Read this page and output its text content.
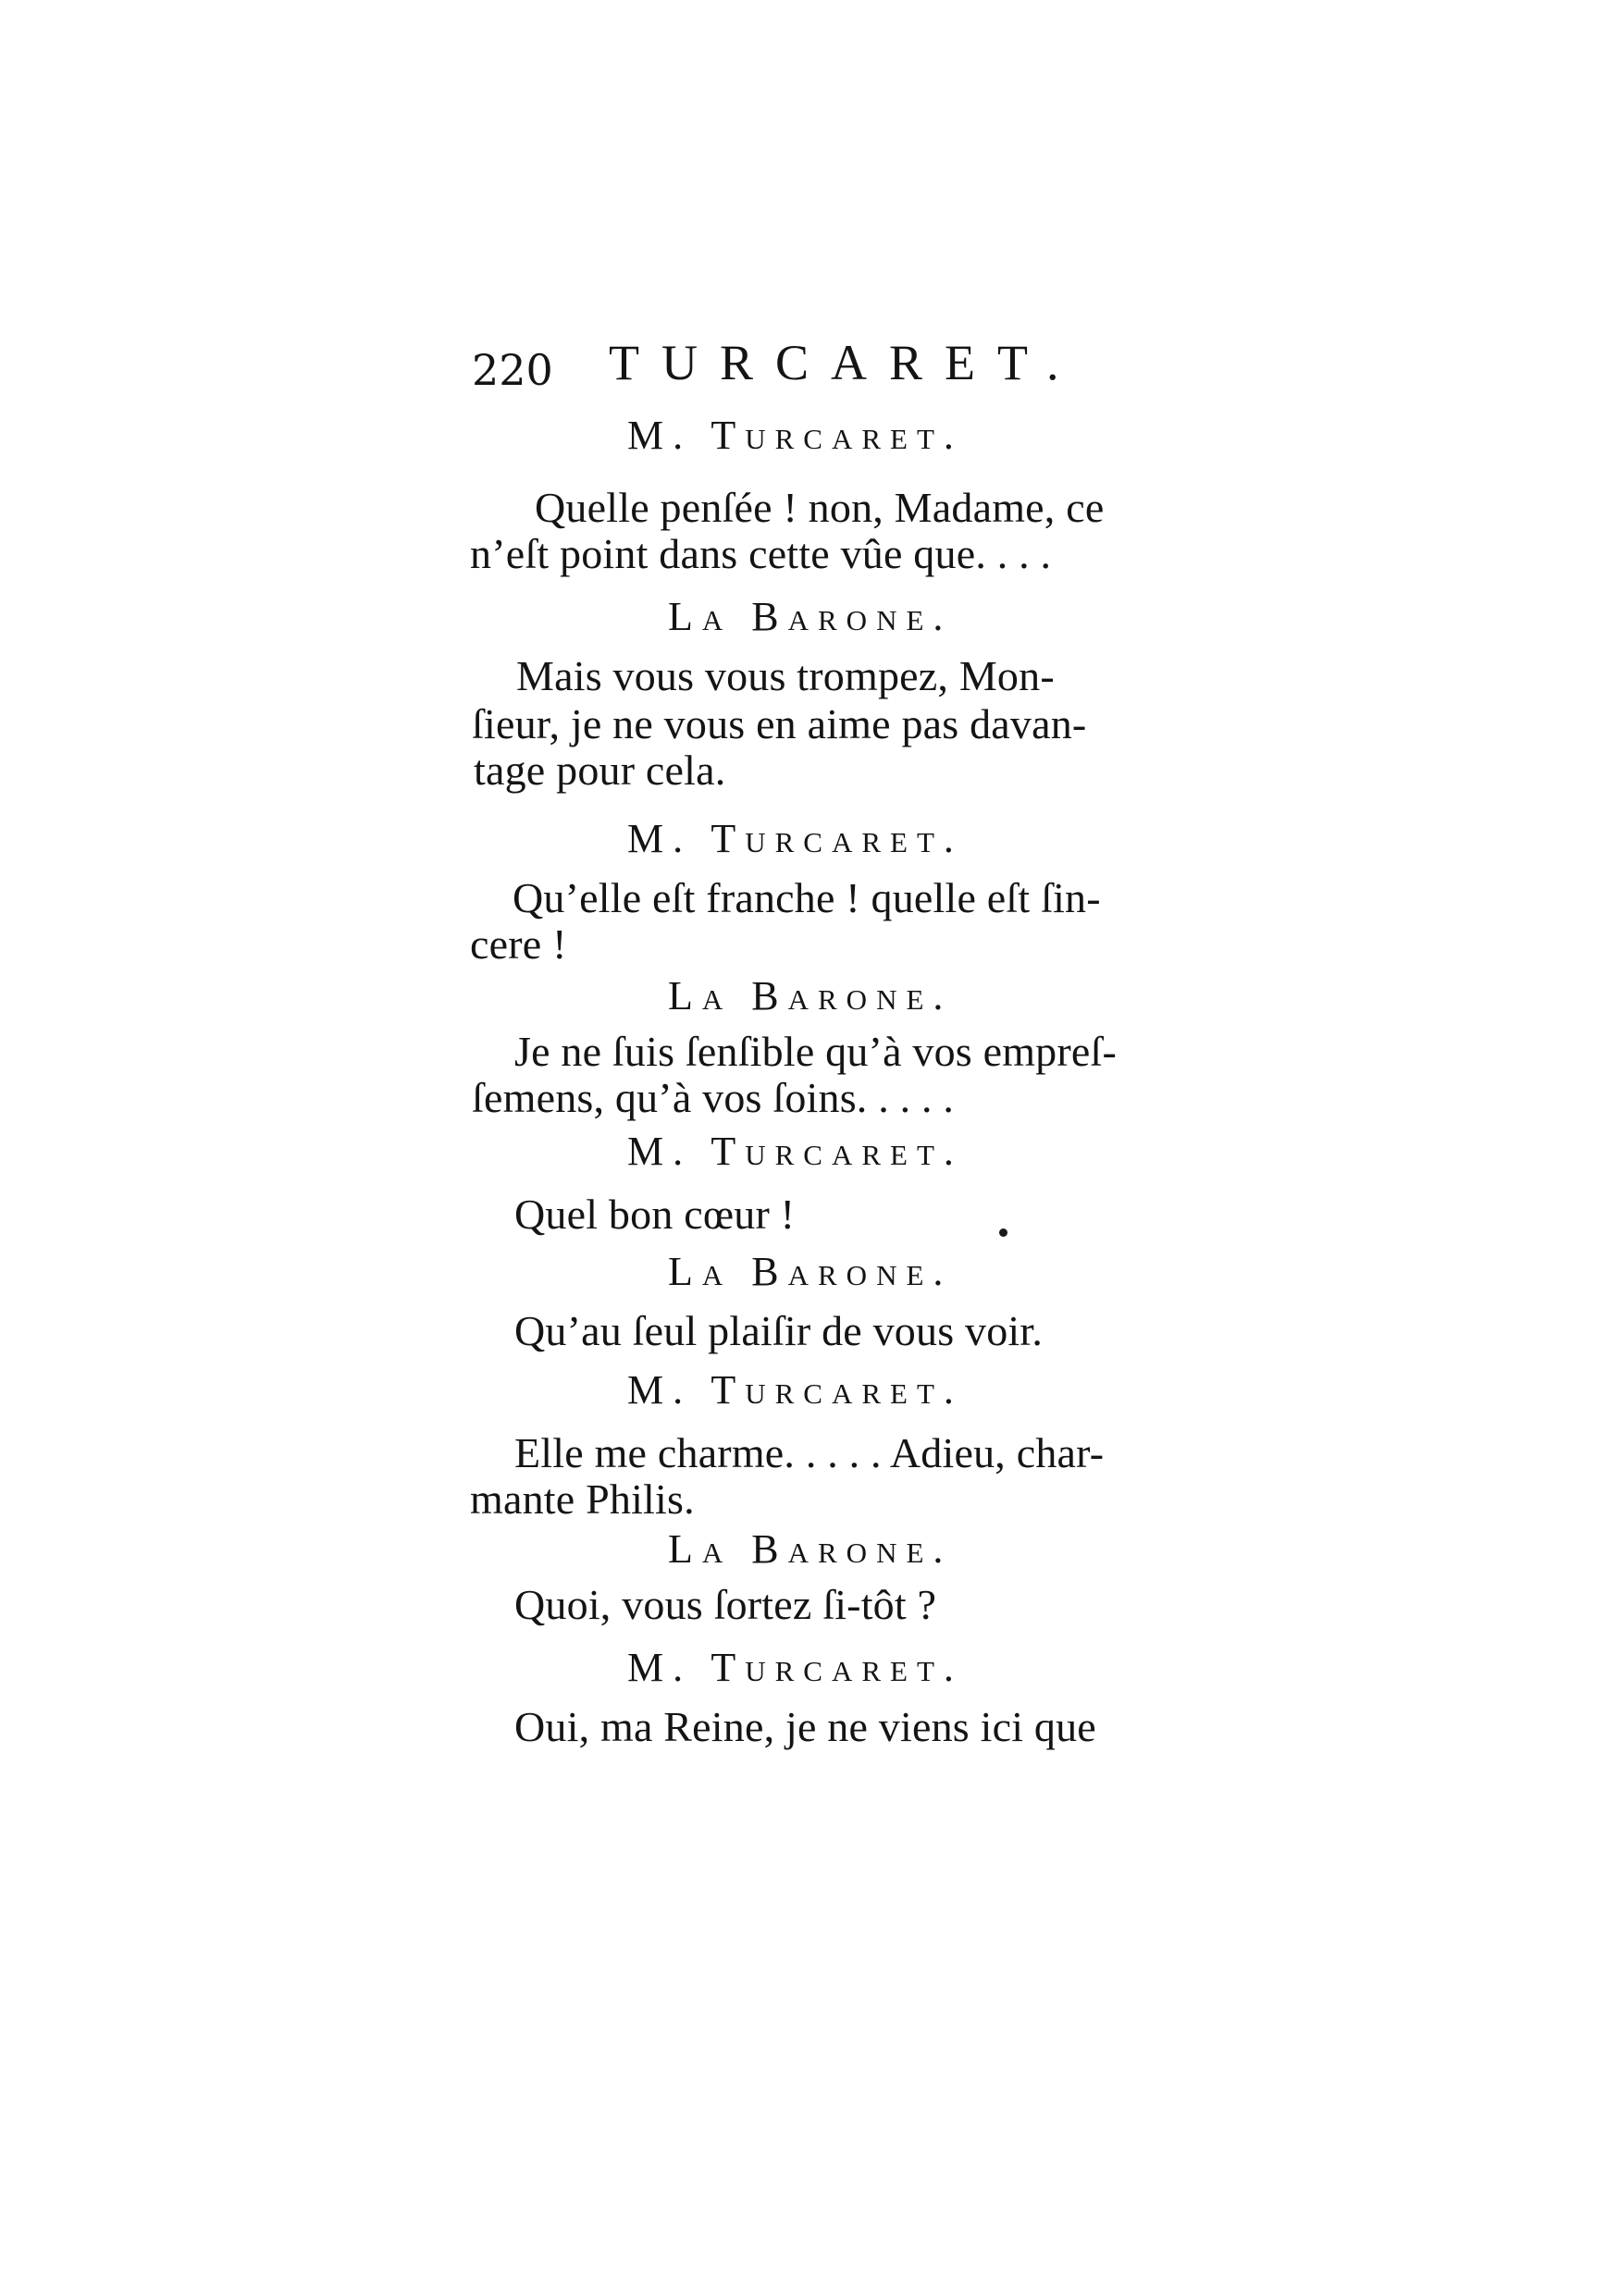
220 TURCARET.
M. Turcaret.
Quelle penſée ! non, Madame, ce
n’eſt point dans cette vûe que. . . .
La Barone.
Mais vous vous trompez, Mon-
ſieur, je ne vous en aime pas davan-
tage pour cela.
M. Turcaret.
Qu’elle eſt franche ! quelle eſt ſin-
cere !
La Barone.
Je ne ſuis ſenſible qu’à vos empreſ-
ſemens, qu’à vos ſoins. . . . .
M. Turcaret.
Quel bon cœur !
La Barone.
Qu’au ſeul plaiſir de vous voir.
M. Turcaret.
Elle me charme. . . . . Adieu, char-
mante Philis.
La Barone.
Quoi, vous ſortez ſi-tôt ?
M. Turcaret.
Oui, ma Reine, je ne viens ici que
